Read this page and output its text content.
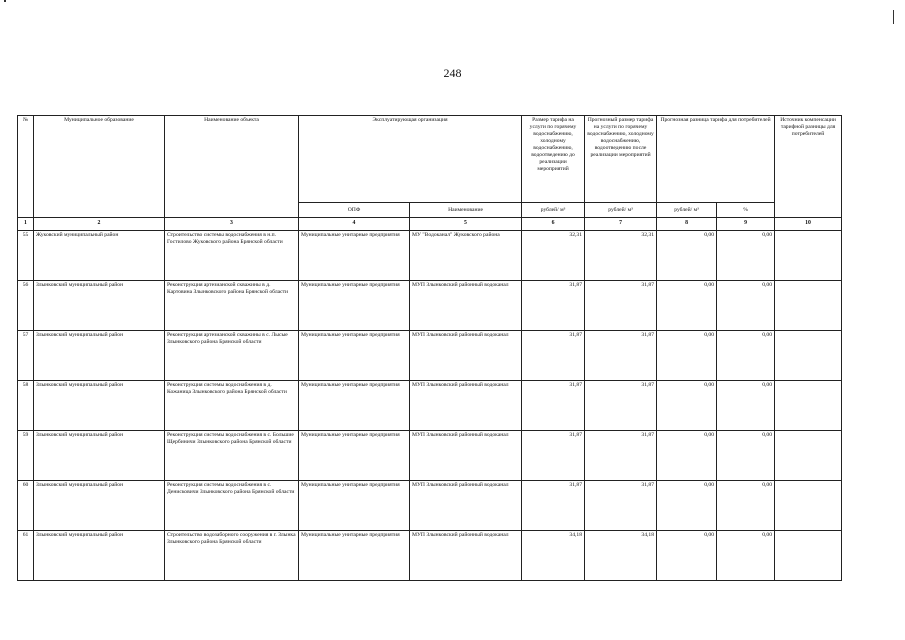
248
№	Муниципальное образование	Наименование объекта	Эксплуатирующая организация		Размер тарифа на услуги по горячему водоснабжению, холодному водоснабжению, водоотведению до реализации мероприятий	Прогнозный размер тарифа на услуги по горячему водоснабжению, холодному водоснабжению, водоотведению после реализации мероприятий	Прогнозная разница тарифа для потребителей		Источник компенсации тарифной разницы для потребителей
			ОПФ	Наименование	рублей/ м³	рублей/ м³	рублей/ м³	%	
1	2	3	4	5	6	7	8	9	10
55	Жуковский муниципальный район	Строительство системы водоснабжения в н.п. Гостилово Жуковского района Брянской области	Муниципальные унитарные предприятия	МУ "Водоканал" Жуковского района	32,31	32,31	0,00	0,00	
56	Злынковский муниципальный район	Реконструкция артезианской скважины в д. Картовина Злынковского района Брянской области	Муниципальные унитарные предприятия	МУП Злынковский районный водоканал	31,87	31,87	0,00	0,00	
57	Злынковский муниципальный район	Реконструкция артезианской скважины в с. Лысые Злынковского района Брянской области	Муниципальные унитарные предприятия	МУП Злынковский районный водоканал	31,87	31,87	0,00	0,00	
58	Злынковский муниципальный район	Реконструкция системы водоснабжения в д. Кожаница Злынковского района Брянской области	Муниципальные унитарные предприятия	МУП Злынковский районный водоканал	31,87	31,87	0,00	0,00	
59	Злынковский муниципальный район	Реконструкция системы водоснабжения в с. Большие Щербиничи Злынковского района Брянской области	Муниципальные унитарные предприятия	МУП Злынковский районный водоканал	31,87	31,87	0,00	0,00	
60	Злынковский муниципальный район	Реконструкция системы водоснабжения в с. Денисковичи Злынковского района Брянской области	Муниципальные унитарные предприятия	МУП Злынковский районный водоканал	31,87	31,87	0,00	0,00	
61	Злынковский муниципальный район	Строительство водозаборного сооружения в г. Злынка Злынковского района Брянской области	Муниципальные унитарные предприятия	МУП Злынковский районный водоканал	34,18	34,18	0,00	0,00	
